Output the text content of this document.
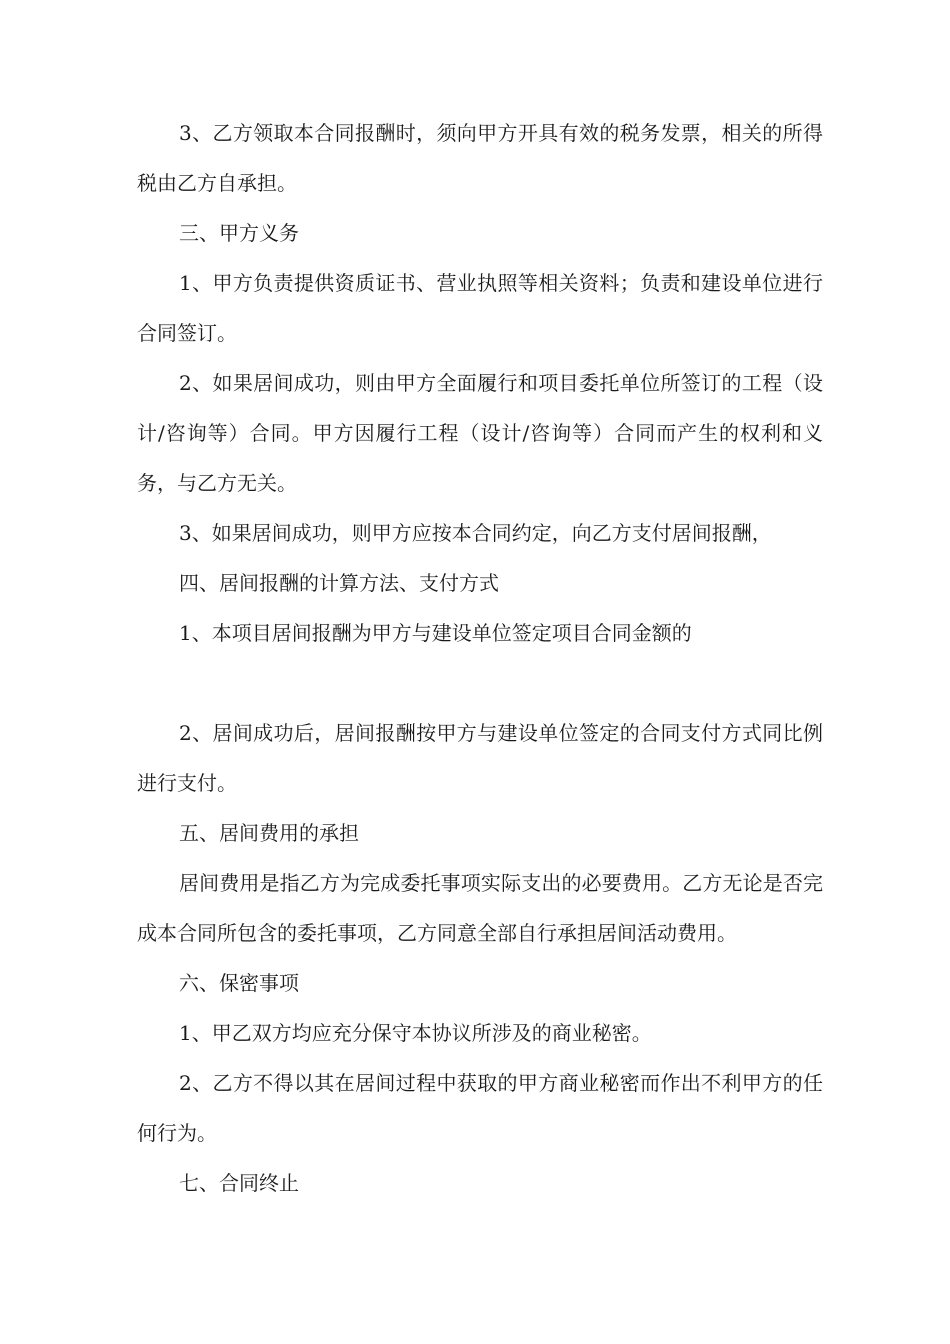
3、乙方领取本合同报酬时，须向甲方开具有效的税务发票，相关的所得税由乙方自承担。

三、甲方义务

1、甲方负责提供资质证书、营业执照等相关资料；负责和建设单位进行合同签订。

2、如果居间成功，则由甲方全面履行和项目委托单位所签订的工程（设计/咨询等）合同。甲方因履行工程（设计/咨询等）合同而产生的权利和义务，与乙方无关。

3、如果居间成功，则甲方应按本合同约定，向乙方支付居间报酬，

四、居间报酬的计算方法、支付方式

1、本项目居间报酬为甲方与建设单位签定项目合同金额的

2、居间成功后，居间报酬按甲方与建设单位签定的合同支付方式同比例进行支付。

五、居间费用的承担

居间费用是指乙方为完成委托事项实际支出的必要费用。乙方无论是否完成本合同所包含的委托事项，乙方同意全部自行承担居间活动费用。

六、保密事项

1、甲乙双方均应充分保守本协议所涉及的商业秘密。

2、乙方不得以其在居间过程中获取的甲方商业秘密而作出不利甲方的任何行为。

七、合同终止
